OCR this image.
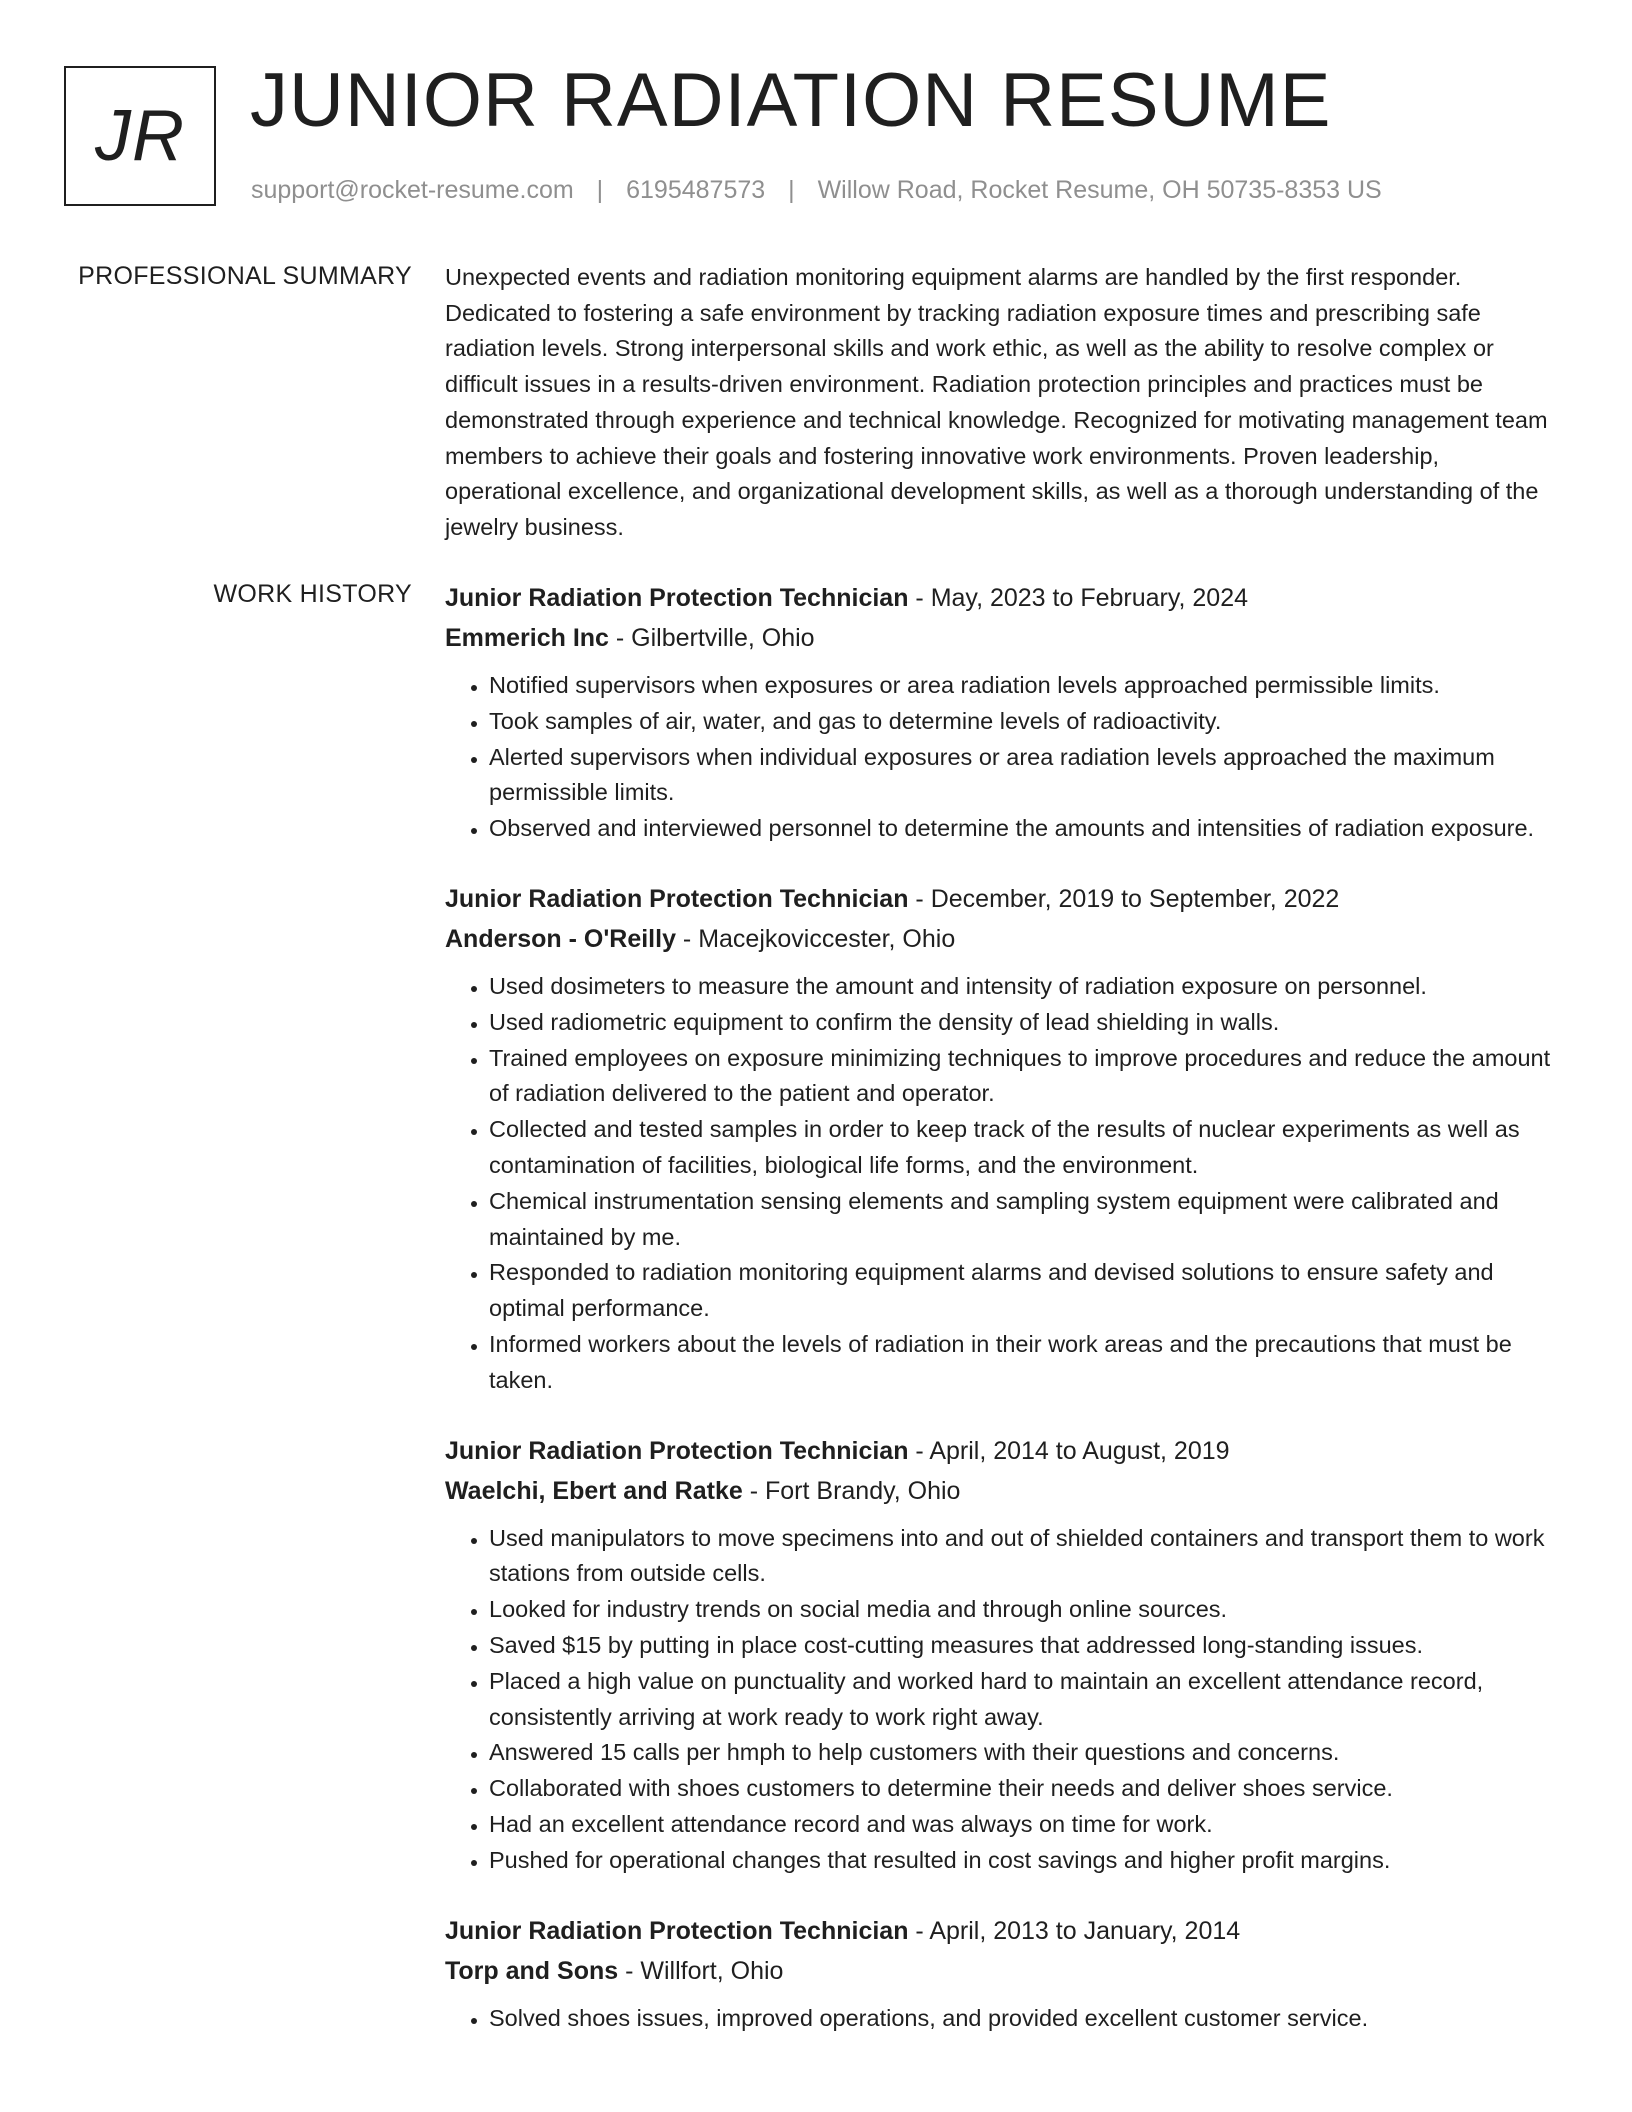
JR JUNIOR RADIATION RESUME
support@rocket-resume.com | 6195487573 | Willow Road, Rocket Resume, OH 50735-8353 US
PROFESSIONAL SUMMARY Unexpected events and radiation monitoring equipment alarms are handled by the first responder. Dedicated to fostering a safe environment by tracking radiation exposure times and prescribing safe radiation levels. Strong interpersonal skills and work ethic, as well as the ability to resolve complex or difficult issues in a results-driven environment. Radiation protection principles and practices must be demonstrated through experience and technical knowledge. Recognized for motivating management team members to achieve their goals and fostering innovative work environments. Proven leadership, operational excellence, and organizational development skills, as well as a thorough understanding of the jewelry business.

WORK HISTORY Junior Radiation Protection Technician - May, 2023 to February, 2024
Emmerich Inc - Gilbertville, Ohio
• Notified supervisors when exposures or area radiation levels approached permissible limits.
• Took samples of air, water, and gas to determine levels of radioactivity.
• Alerted supervisors when individual exposures or area radiation levels approached the maximum permissible limits.
• Observed and interviewed personnel to determine the amounts and intensities of radiation exposure.
Junior Radiation Protection Technician - December, 2019 to September, 2022
Anderson - O'Reilly - Macejkoviccester, Ohio
• Used dosimeters to measure the amount and intensity of radiation exposure on personnel.
• Used radiometric equipment to confirm the density of lead shielding in walls.
• Trained employees on exposure minimizing techniques to improve procedures and reduce the amount of radiation delivered to the patient and operator.
• Collected and tested samples in order to keep track of the results of nuclear experiments as well as contamination of facilities, biological life forms, and the environment.
• Chemical instrumentation sensing elements and sampling system equipment were calibrated and maintained by me.
• Responded to radiation monitoring equipment alarms and devised solutions to ensure safety and optimal performance.
• Informed workers about the levels of radiation in their work areas and the precautions that must be taken.
Junior Radiation Protection Technician - April, 2014 to August, 2019
Waelchi, Ebert and Ratke - Fort Brandy, Ohio
• Used manipulators to move specimens into and out of shielded containers and transport them to work stations from outside cells.
• Looked for industry trends on social media and through online sources.
• Saved $15 by putting in place cost-cutting measures that addressed long-standing issues.
• Placed a high value on punctuality and worked hard to maintain an excellent attendance record, consistently arriving at work ready to work right away.
• Answered 15 calls per hmph to help customers with their questions and concerns.
• Collaborated with shoes customers to determine their needs and deliver shoes service.
• Had an excellent attendance record and was always on time for work.
• Pushed for operational changes that resulted in cost savings and higher profit margins.
Junior Radiation Protection Technician - April, 2013 to January, 2014
Torp and Sons - Willfort, Ohio
• Solved shoes issues, improved operations, and provided excellent customer service.
